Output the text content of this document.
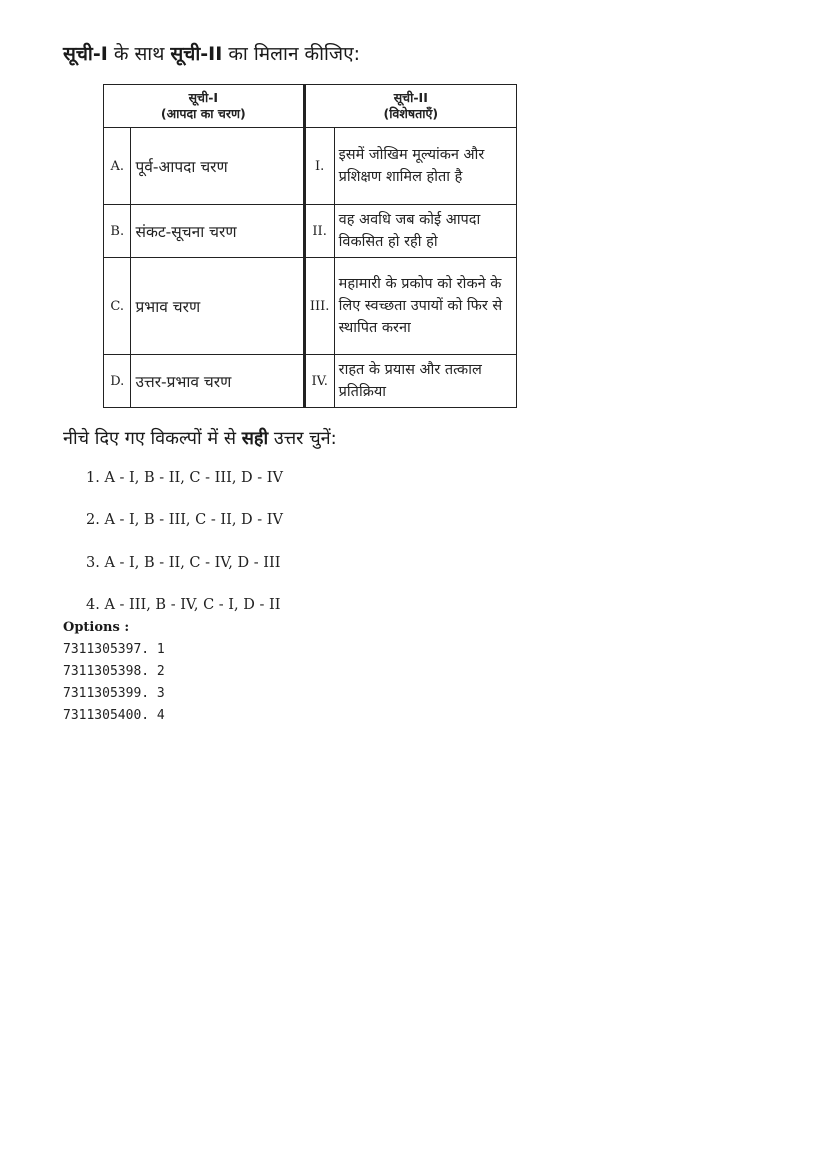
सूची-I के साथ सूची-II का मिलान कीजिए:
सूची-I
(आपदा का चरण)		सूची-II
(विशेषताएँ)	

A.	पूर्व-आपदा चरण	I.	इसमें जोखिम मूल्यांकन और प्रशिक्षण शामिल होता है
B.	संकट-सूचना चरण	II.	वह अवधि जब कोई आपदा विकसित हो रही हो
C.	प्रभाव चरण	III.	महामारी के प्रकोप को रोकने के लिए स्वच्छता उपायों को फिर से स्थापित करना
D.	उत्तर-प्रभाव चरण	IV.	राहत के प्रयास और तत्काल प्रतिक्रिया
नीचे दिए गए विकल्पों में से सही उत्तर चुनें:
1. A - I, B - II, C - III, D - IV
2. A - I, B - III, C - II, D - IV
3. A - I, B - II, C - IV, D - III
4. A - III, B - IV, C - I, D - II
Options :
7311305397. 1
7311305398. 2
7311305399. 3
7311305400. 4
